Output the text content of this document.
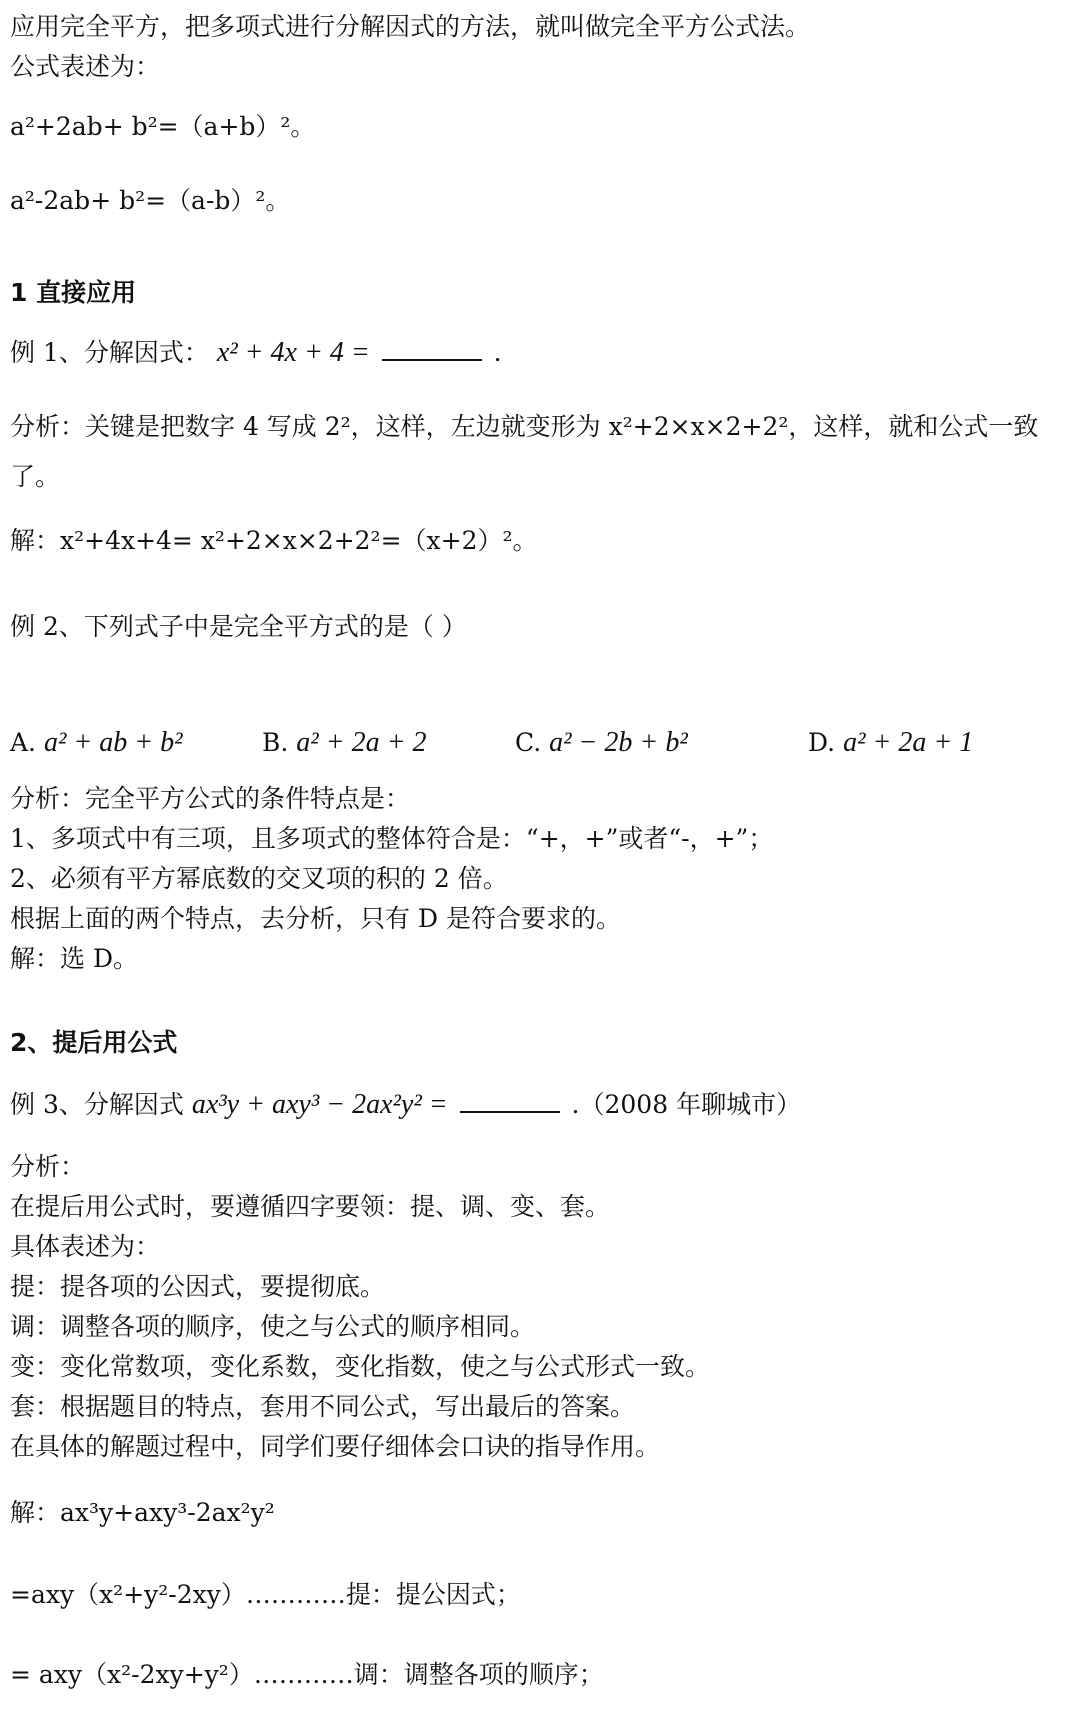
应用完全平方，把多项式进行分解因式的方法，就叫做完全平方公式法。
公式表述为：
a²+2ab+ b²=（a+b）²。
a²-2ab+ b²=（a-b）²。
1 直接应用
例 1、分解因式： x² + 4x + 4 =	.
分析：关键是把数字 4 写成 2²，这样，左边就变形为 x²+2×x×2+2²，这样，就和公式一致
了。
解：x²+4x+4= x²+2×x×2+2²=（x+2）²。
例 2、下列式子中是完全平方式的是（ ）
A. a² + ab + b²	B. a² + 2a + 2	C. a² − 2b + b²	D. a² + 2a + 1
分析：完全平方公式的条件特点是：
1、多项式中有三项，且多项式的整体符合是：“+，+”或者“-，+”；
2、必须有平方幂底数的交叉项的积的 2 倍。
根据上面的两个特点，去分析，只有 D 是符合要求的。
解：选 D。
2、提后用公式
例 3、分解因式 ax³y + axy³ − 2ax²y² =	.（2008 年聊城市）
分析：
在提后用公式时，要遵循四字要领：提、调、变、套。
具体表述为：
提：提各项的公因式，要提彻底。
调：调整各项的顺序，使之与公式的顺序相同。
变：变化常数项，变化系数，变化指数，使之与公式形式一致。
套：根据题目的特点，套用不同公式，写出最后的答案。
在具体的解题过程中，同学们要仔细体会口诀的指导作用。
解：ax³y+axy³-2ax²y²
=axy（x²+y²-2xy）…………提：提公因式；
= axy（x²-2xy+y²）…………调：调整各项的顺序；
